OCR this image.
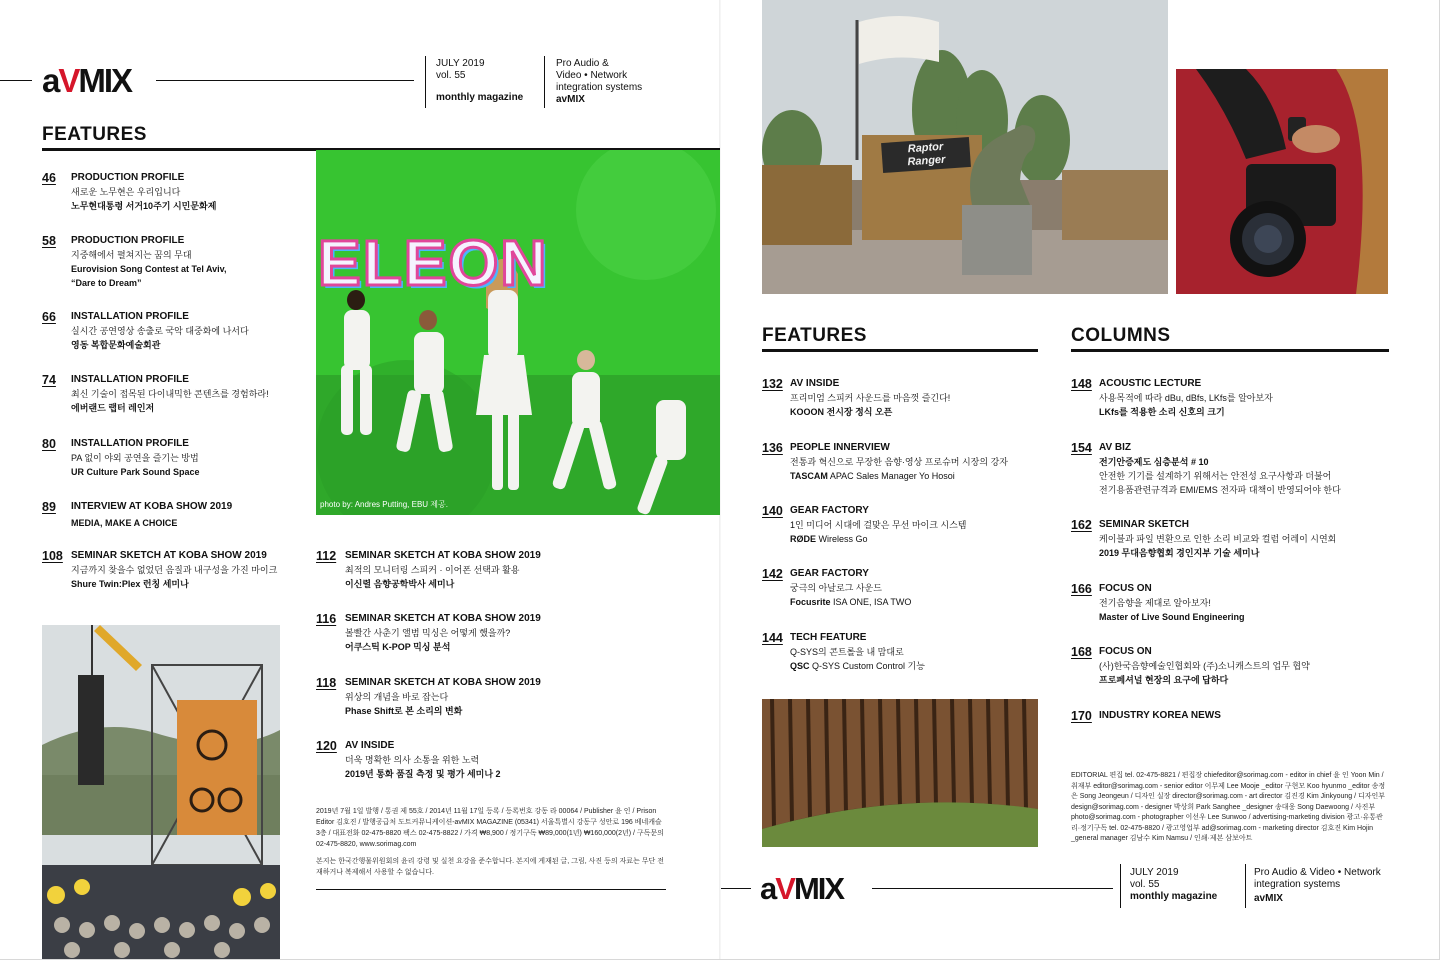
aVMIX	JULY 2019
vol. 55
monthly magazine
Pro Audio &
Video • Network
integration systems
avMIX
FEATURES
46 PRODUCTION PROFILE
새로운 노무현은 우리입니다
노무현대통령 서거10주기 시민문화제
58 PRODUCTION PROFILE
지중해에서 펼쳐지는 꿈의 무대
Eurovision Song Contest at Tel Aviv,
“Dare to Dream”
66 INSTALLATION PROFILE
실시간 공연영상 송출로 국악 대중화에 나서다
영동 복합문화예술회관
74 INSTALLATION PROFILE
최신 기술이 접목된 다이내믹한 콘텐츠를 경험하라!
에버랜드 랩터 레인저
80 INSTALLATION PROFILE
PA 없이 야외 공연을 즐기는 방법
UR Culture Park Sound Space
89 INTERVIEW AT KOBA SHOW 2019
MEDIA, MAKE A CHOICE
108 SEMINAR SKETCH AT KOBA SHOW 2019
지금까지 찾을수 없었던 음질과 내구성을 가진 마이크
Shure Twin:Plex 런칭 세미나
ELEON
photo by: Andres Putting, EBU 제공.
112 SEMINAR SKETCH AT KOBA SHOW 2019
최적의 모니터링 스피커 · 이어폰 선택과 활용
이신렬 음향공학박사 세미나
116 SEMINAR SKETCH AT KOBA SHOW 2019
볼빨간 사춘기 앨범 믹싱은 어떻게 했을까?
어쿠스틱 K-POP 믹싱 분석
118 SEMINAR SKETCH AT KOBA SHOW 2019
위상의 개념을 바로 잡는다
Phase Shift로 본 소리의 변화
120 AV INSIDE
더욱 명확한 의사 소통을 위한 노력
2019년 통화 품질 측정 및 평가 세미나 2
2019년 7월 1일 발행 / 통권 제 55호 / 2014년 11월 17일 등록 / 등록번호 강동 라 00064 / Publisher 윤 인 / Prison Editor 김호진 / 발행공급처 도트커뮤니케이션-avMIX MAGAZINE (05341) 서울특별시 강동구 성안로 196 베네캐슬 3층 / 대표전화 02-475-8820 팩스 02-475-8822 / 가격 ₩8,900 / 정기구독 ₩89,000(1년) ₩160,000(2년) / 구독문의 02-475-8820, www.sorimag.com
본지는 한국간행물위원회의 윤리 강령 및 실천 요강을 준수합니다. 본지에 게재된 글, 그림, 사진 등의 자료는 무단 전재하거나 복제해서 사용할 수 없습니다.
Raptor
Ranger
FEATURES	COLUMNS
132 AV INSIDE
프리미엄 스피커 사운드를 마음껏 즐긴다!
KOOON 전시장 정식 오픈
136 PEOPLE INNERVIEW
전통과 혁신으로 무장한 음향·영상 프로슈머 시장의 강자
TASCAM APAC Sales Manager Yo Hosoi
140 GEAR FACTORY
1인 미디어 시대에 걸맞은 무선 마이크 시스템
RØDE Wireless Go
142 GEAR FACTORY
궁극의 아날로그 사운드
Focusrite ISA ONE, ISA TWO
144 TECH FEATURE
Q-SYS의 콘트롤을 내 맘대로
QSC Q-SYS Custom Control 기능
148 ACOUSTIC LECTURE
사용목적에 따라 dBu, dBfs, LKfs를 알아보자
LKfs를 적용한 소리 신호의 크기
154 AV BIZ
전기안증제도 심층분석 # 10
안전한 기기를 설계하기 위해서는 안전성 요구사항과 더불어
전기용품관련규격과 EMI/EMS 전자파 대책이 반영되어야 한다
162 SEMINAR SKETCH
케이블과 파일 변환으로 인한 소리 비교와 컬럼 어레이 시연회
2019 무대음향협회 경인지부 기술 세미나
166 FOCUS ON
전기음향을 제대로 알아보자!
Master of Live Sound Engineering
168 FOCUS ON
(사)한국음향예술인협회와 (주)소니캐스트의 업무 협약
프로페셔널 현장의 요구에 답하다
170 INDUSTRY KOREA NEWS
EDITORIAL 편집 tel. 02-475-8821 / 편집장 chiefeditor@sorimag.com - editor in chief 윤 인 Yoon Min / 취재부 editor@sorimag.com - senior editor 이무제 Lee Mooje _editor 구현모 Koo hyunmo _editor 송정은 Song Jeongeun / 디자인 실장 director@sorimag.com - art director 김진경 Kim Jinkyoung / 디자인부 design@sorimag.com - designer 박상희 Park Sanghee _designer 송대웅 Song Daewoong / 사진부 photo@sorimag.com - photographer 이선우 Lee Sunwoo / advertising-marketing division 광고·유통관리·정기구독 tel. 02-475-8820 / 광고영업부 ad@sorimag.com - marketing director 김호진 Kim Hojin _general manager 김남수 Kim Namsu / 인쇄·제본 삼보아트
aVMIX	JULY 2019
vol. 55
monthly magazine
Pro Audio & Video • Network
integration systems
avMIX
